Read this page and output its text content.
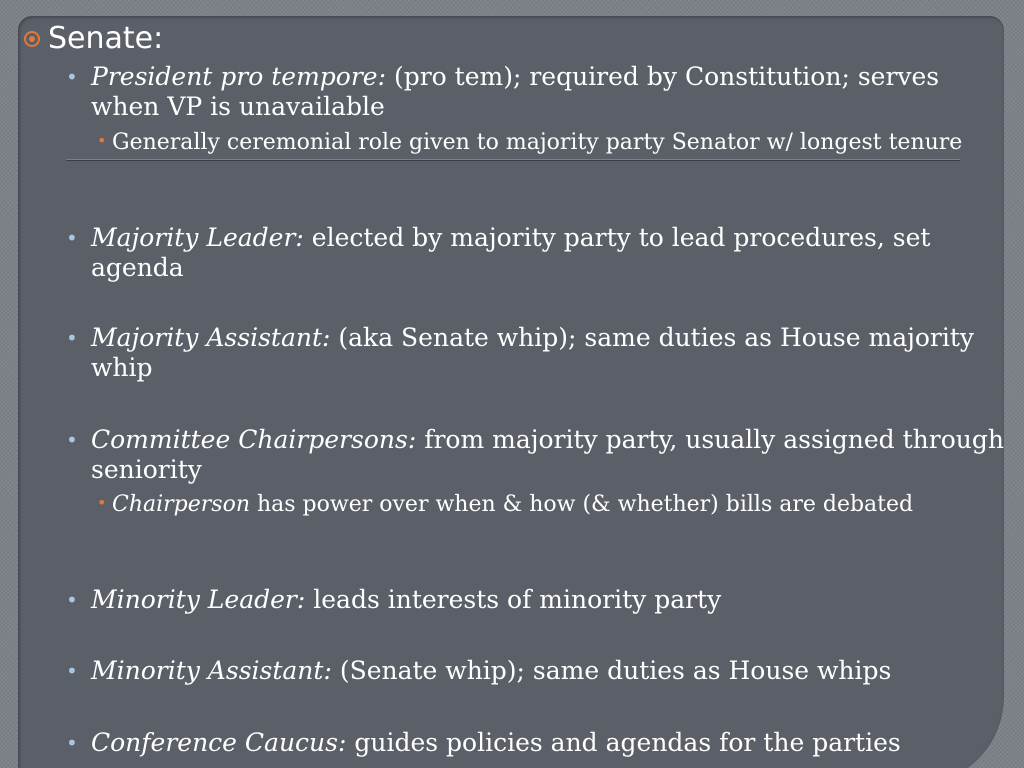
Senate:
• President pro tempore: (pro tem); required by Constitution; serves when VP is unavailable
• Generally ceremonial role given to majority party Senator w/ longest tenure
• Majority Leader: elected by majority party to lead procedures, set agenda
• Majority Assistant: (aka Senate whip); same duties as House majority whip
• Committee Chairpersons: from majority party, usually assigned through seniority
• Chairperson has power over when & how (& whether) bills are debated
• Minority Leader: leads interests of minority party
• Minority Assistant: (Senate whip); same duties as House whips
• Conference Caucus: guides policies and agendas for the parties
